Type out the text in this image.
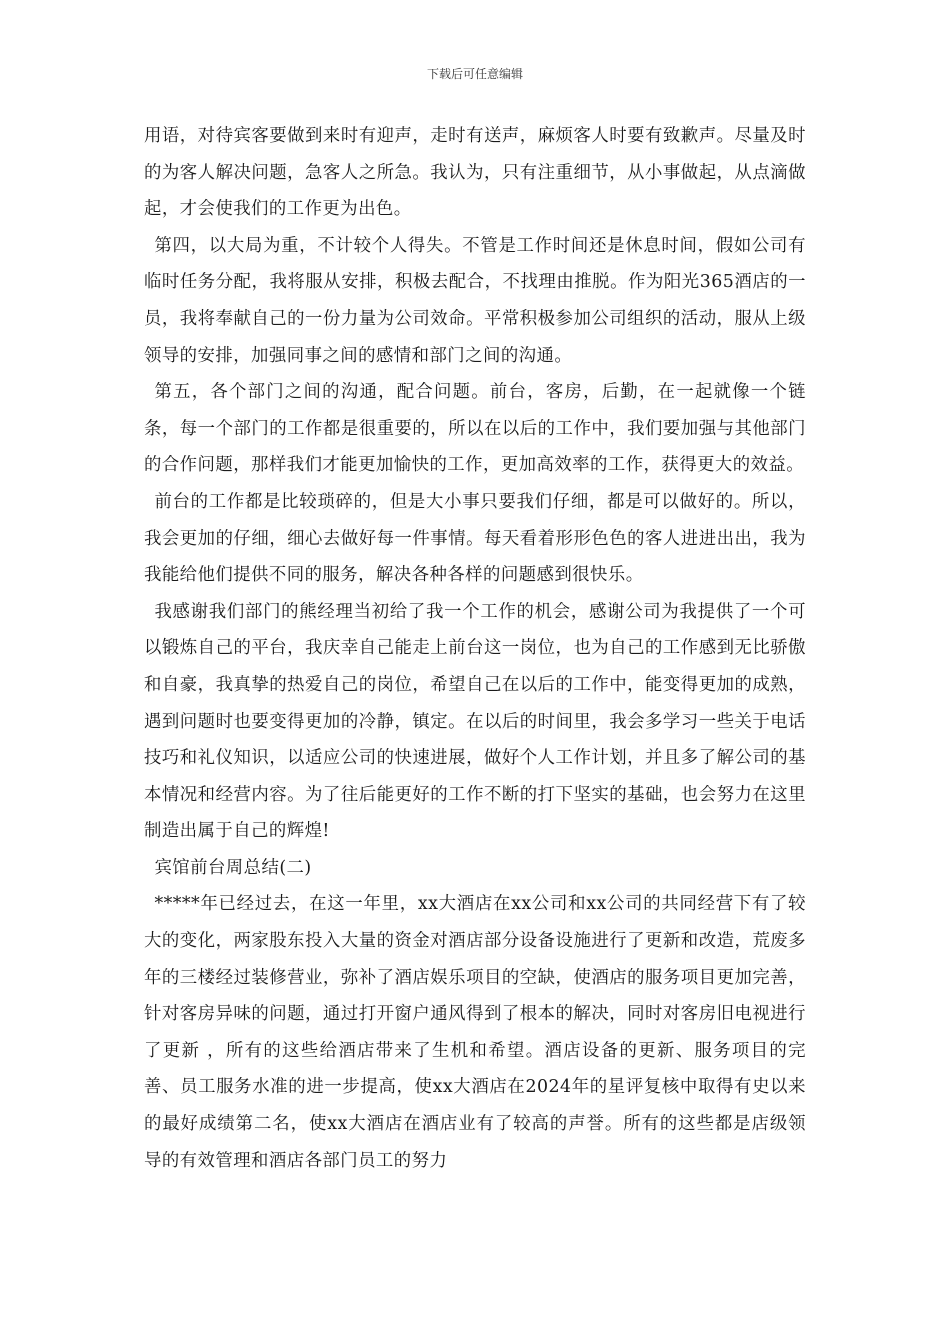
下载后可任意编辑

用语，对待宾客要做到来时有迎声，走时有送声，麻烦客人时要有致歉声。尽量及时的为客人解决问题，急客人之所急。我认为，只有注重细节，从小事做起，从点滴做起，才会使我们的工作更为出色。

第四，以大局为重，不计较个人得失。不管是工作时间还是休息时间，假如公司有临时任务分配，我将服从安排，积极去配合，不找理由推脱。作为阳光365酒店的一员，我将奉献自己的一份力量为公司效命。平常积极参加公司组织的活动，服从上级领导的安排，加强同事之间的感情和部门之间的沟通。

第五，各个部门之间的沟通，配合问题。前台，客房，后勤，在一起就像一个链条，每一个部门的工作都是很重要的，所以在以后的工作中，我们要加强与其他部门的合作问题，那样我们才能更加愉快的工作，更加高效率的工作，获得更大的效益。

前台的工作都是比较琐碎的，但是大小事只要我们仔细，都是可以做好的。所以，我会更加的仔细，细心去做好每一件事情。每天看着形形色色的客人进进出出，我为我能给他们提供不同的服务，解决各种各样的问题感到很快乐。

我感谢我们部门的熊经理当初给了我一个工作的机会，感谢公司为我提供了一个可以锻炼自己的平台，我庆幸自己能走上前台这一岗位，也为自己的工作感到无比骄傲和自豪，我真挚的热爱自己的岗位，希望自己在以后的工作中，能变得更加的成熟，遇到问题时也要变得更加的冷静，镇定。在以后的时间里，我会多学习一些关于电话技巧和礼仪知识，以适应公司的快速进展，做好个人工作计划，并且多了解公司的基本情况和经营内容。为了往后能更好的工作不断的打下坚实的基础，也会努力在这里制造出属于自己的辉煌!

宾馆前台周总结(二)

*****年已经过去，在这一年里，xx大酒店在xx公司和xx公司的共同经营下有了较大的变化，两家股东投入大量的资金对酒店部分设备设施进行了更新和改造，荒废多年的三楼经过装修营业，弥补了酒店娱乐项目的空缺，使酒店的服务项目更加完善，针对客房异味的问题，通过打开窗户通风得到了根本的解决，同时对客房旧电视进行了更新 ，所有的这些给酒店带来了生机和希望。酒店设备的更新、服务项目的完善、员工服务水准的进一步提高，使xx大酒店在2024年的星评复核中取得有史以来的最好成绩第二名，使xx大酒店在酒店业有了较高的声誉。所有的这些都是店级领导的有效管理和酒店各部门员工的努力
